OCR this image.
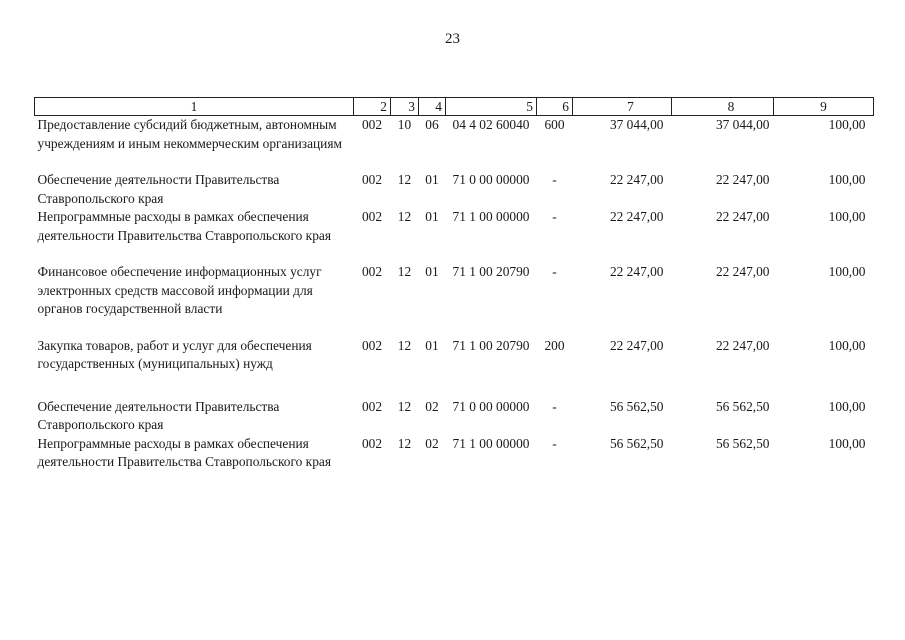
23
1	2	3	4	5	6	7	8	9
Предоставление субсидий бюджетным, автономным учреждениям и иным некоммерческим организациям	002	10	06	04 4 02 60040	600	37 044,00	37 044,00	100,00

Обеспечение деятельности Правительства Ставропольского края	002	12	01	71 0 00 00000	-	22 247,00	22 247,00	100,00
Непрограммные расходы в рамках обеспечения деятельности Правительства Ставропольского края	002	12	01	71 1 00 00000	-	22 247,00	22 247,00	100,00

Финансовое обеспечение информационных услуг электронных средств массовой информации для органов государственной власти	002	12	01	71 1 00 20790	-	22 247,00	22 247,00	100,00

Закупка товаров, работ и услуг для обеспечения государственных (муниципальных) нужд	002	12	01	71 1 00 20790	200	22 247,00	22 247,00	100,00

Обеспечение деятельности Правительства Ставропольского края	002	12	02	71 0 00 00000	-	56 562,50	56 562,50	100,00
Непрограммные расходы в рамках обеспечения деятельности Правительства Ставропольского края	002	12	02	71 1 00 00000	-	56 562,50	56 562,50	100,00
